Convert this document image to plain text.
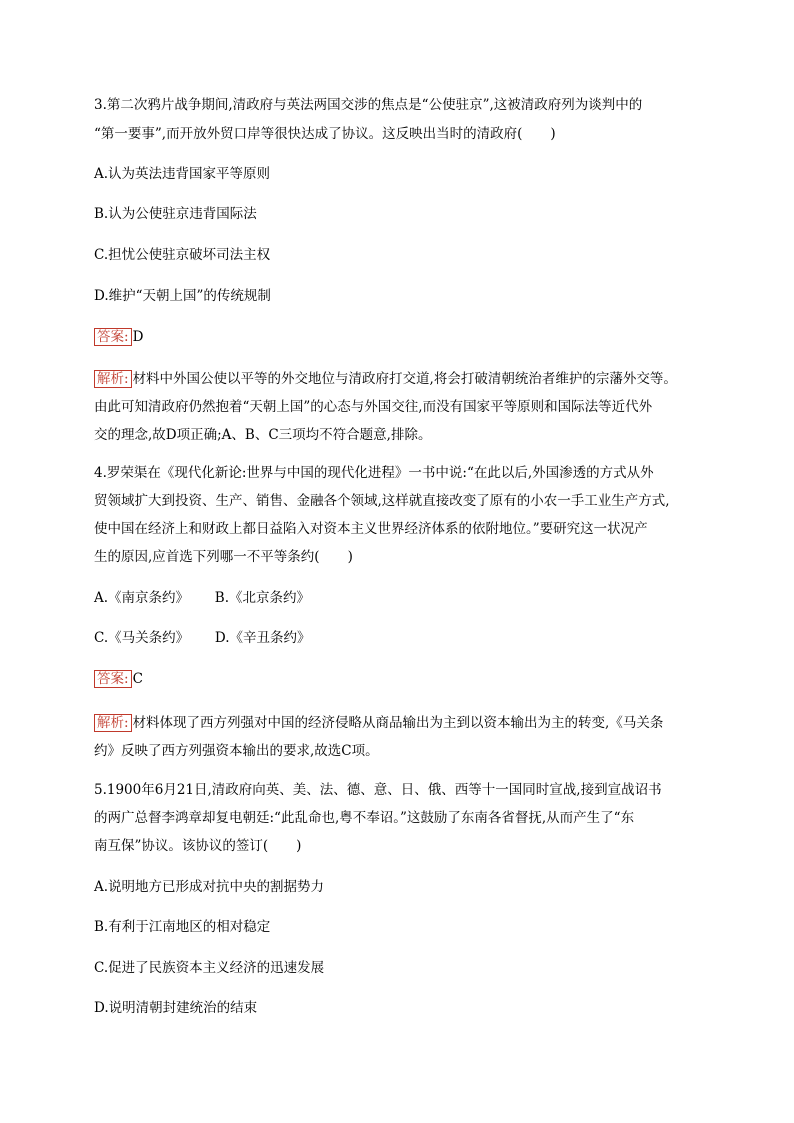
3.第二次鸦片战争期间,清政府与英法两国交涉的焦点是“公使驻京”,这被清政府列为谈判中的
“第一要事”,而开放外贸口岸等很快达成了协议。这反映出当时的清政府( )
A.认为英法违背国家平等原则
B.认为公使驻京违背国际法
C.担忧公使驻京破坏司法主权
D.维护“天朝上国”的传统规制
答案: D
解析: 材料中外国公使以平等的外交地位与清政府打交道,将会打破清朝统治者维护的宗藩外交等。
由此可知清政府仍然抱着“天朝上国”的心态与外国交往,而没有国家平等原则和国际法等近代外
交的理念,故D项正确;A、B、C三项均不符合题意,排除。
4.罗荣渠在《现代化新论:世界与中国的现代化进程》一书中说:“在此以后,外国渗透的方式从外
贸领域扩大到投资、生产、销售、金融各个领域,这样就直接改变了原有的小农一手工业生产方式,
使中国在经济上和财政上都日益陷入对资本主义世界经济体系的依附地位。”要研究这一状况产
生的原因,应首选下列哪一不平等条约( )
A.《南京条约》      B.《北京条约》
C.《马关条约》      D.《辛丑条约》
答案: C
解析: 材料体现了西方列强对中国的经济侵略从商品输出为主到以资本输出为主的转变,《马关条
约》反映了西方列强资本输出的要求,故选C项。
5.1900年6月21日,清政府向英、美、法、德、意、日、俄、西等十一国同时宣战,接到宣战诏书
的两广总督李鸿章却复电朝廷:“此乱命也,粤不奉诏。”这鼓励了东南各省督抚,从而产生了“东
南互保”协议。该协议的签订( )
A.说明地方已形成对抗中央的割据势力
B.有利于江南地区的相对稳定
C.促进了民族资本主义经济的迅速发展
D.说明清朝封建统治的结束
